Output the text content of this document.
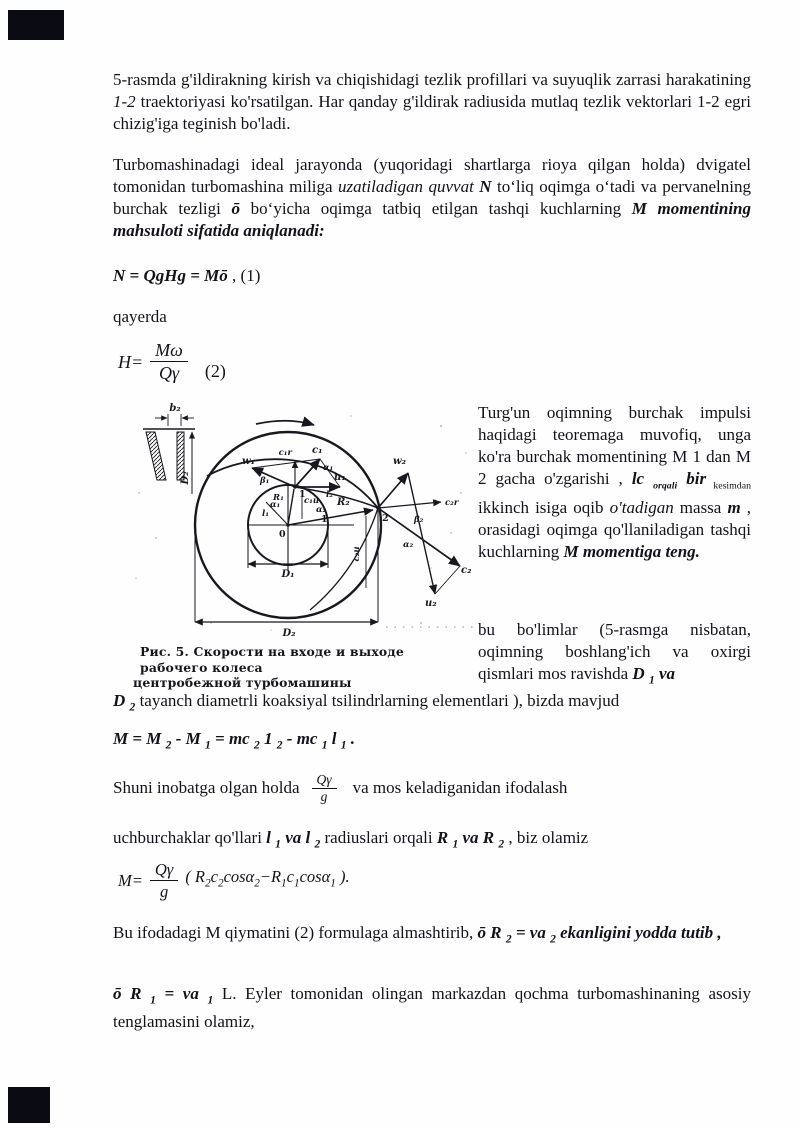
5-rasmda g'ildirakning kirish va chiqishidagi tezlik profillari va suyuqlik zarrasi harakatining 1-2 traektoriyasi ko'rsatilgan. Har qanday g'ildirak radiusida mutlaq tezlik vektorlari 1-2 egri chizig'iga teginish bo'ladi.
Turbomashinadagi ideal jarayonda (yuqoridagi shartlarga rioya qilgan holda) dvigatel tomonidan turbomashina miliga uzatiladigan quvvat N to‘liq oqimga o‘tadi va pervanelning burchak tezligi ō bo‘yicha oqimga tatbiq etilgan tashqi kuchlarning M momentining mahsuloti sifatida aniqlanadi:
N = QgHg = Mō , (1)
qayerda
$H= \frac{M\omega}{Q\gamma} (2)$
b₂
D₂
w₁
c₁
c₁r
u₁
α₁
β₁
R₁ c₁u
l₁
l₂
α₁	α₂
1
R₂
0
1
2
w₂
c₂r
c₂
u₂
β₂
α₂
c₂u
D₁
D₂
Рис. 5. Скорости на входе и выходе рабочего колеса
центробежной турбомашины
Turg'un oqimning burchak impulsi haqidagi teoremaga muvofiq, unga ko'ra burchak momentining M 1 dan M 2 gacha o'zgarishi , lc $_{orqali}$ bir $_{kesimdan}$ ikkinch isiga oqib o'tadigan massa m , orasidagi oqimga qo'llaniladigan tashqi kuchlarning M momentiga teng.
bu bo'limlar (5-rasmga nisbatan, oqimning boshlang'ich va oxirgi qismlari mos ravishda D $_1$ va
D $_2$ tayanch diametrli koaksiyal tsilindrlarning elementlari ), bizda mavjud
M = M $_2$ - M $_1$ = mc $_2$ 1 $_2$ - mc $_1$ l $_1$ .
Shuni inobatga olgan holda $\frac{Q\gamma}{g}$ va mos keladiganidan ifodalash
uchburchaklar qo'llari l $_1$ va l $_2$ radiuslari orqali R $_1$ va R $_2$ , biz olamiz
$M= \frac{Q\gamma}{g}$ ( $R_2c_2\cos\alpha_2-R_1c_1\cos\alpha_1$ ).
Bu ifodadagi M qiymatini (2) formulaga almashtirib, ō R $_2$ = va $_2$ ekanligini yodda tutib ,
ō R $_1$ = va $_1$ L. Eyler tomonidan olingan markazdan qochma turbomashinaning asosiy tenglamasini olamiz,
